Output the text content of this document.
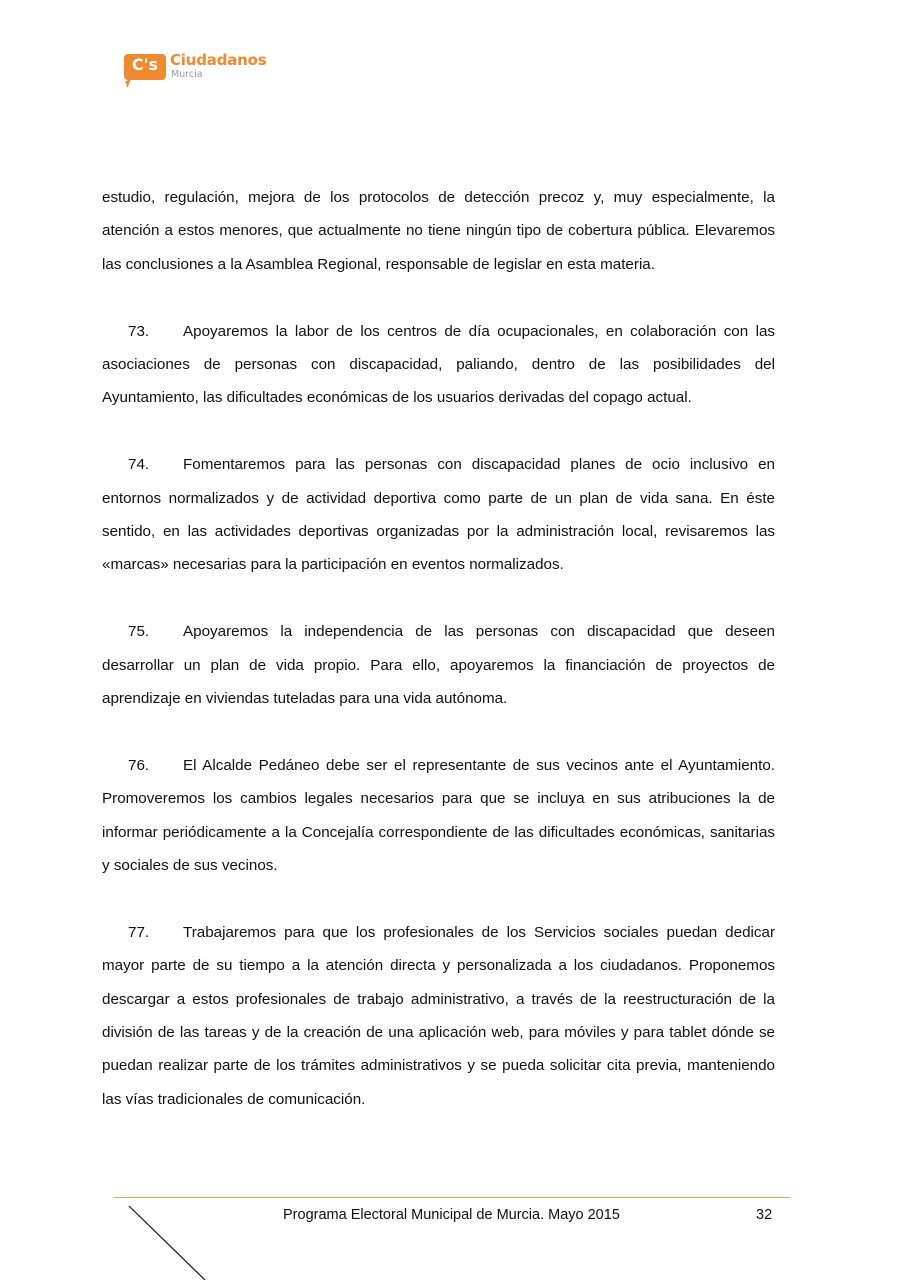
C's Ciudadanos
Murcia

estudio, regulación, mejora de los protocolos de detección precoz y, muy especialmente, la atención a estos menores, que actualmente no tiene ningún tipo de cobertura pública. Elevaremos las conclusiones a la Asamblea Regional, responsable de legislar en esta materia.

73. Apoyaremos la labor de los centros de día ocupacionales, en colaboración con las asociaciones de personas con discapacidad, paliando, dentro de las posibilidades del Ayuntamiento, las dificultades económicas de los usuarios derivadas del copago actual.

74. Fomentaremos para las personas con discapacidad planes de ocio inclusivo en entornos normalizados y de actividad deportiva como parte de un plan de vida sana. En éste sentido, en las actividades deportivas organizadas por la administración local, revisaremos las «marcas» necesarias para la participación en eventos normalizados.

75. Apoyaremos la independencia de las personas con discapacidad que deseen desarrollar un plan de vida propio. Para ello, apoyaremos la financiación de proyectos de aprendizaje en viviendas tuteladas para una vida autónoma.

76. El Alcalde Pedáneo debe ser el representante de sus vecinos ante el Ayuntamiento. Promoveremos los cambios legales necesarios para que se incluya en sus atribuciones la de informar periódicamente a la Concejalía correspondiente de las dificultades económicas, sanitarias y sociales de sus vecinos.

77. Trabajaremos para que los profesionales de los Servicios sociales puedan dedicar mayor parte de su tiempo a la atención directa y personalizada a los ciudadanos. Proponemos descargar a estos profesionales de trabajo administrativo, a través de la reestructuración de la división de las tareas y de la creación de una aplicación web, para móviles y para tablet dónde se puedan realizar parte de los trámites administrativos y se pueda solicitar cita previa, manteniendo las vías tradicionales de comunicación.

Programa Electoral Municipal de Murcia. Mayo 2015	32
